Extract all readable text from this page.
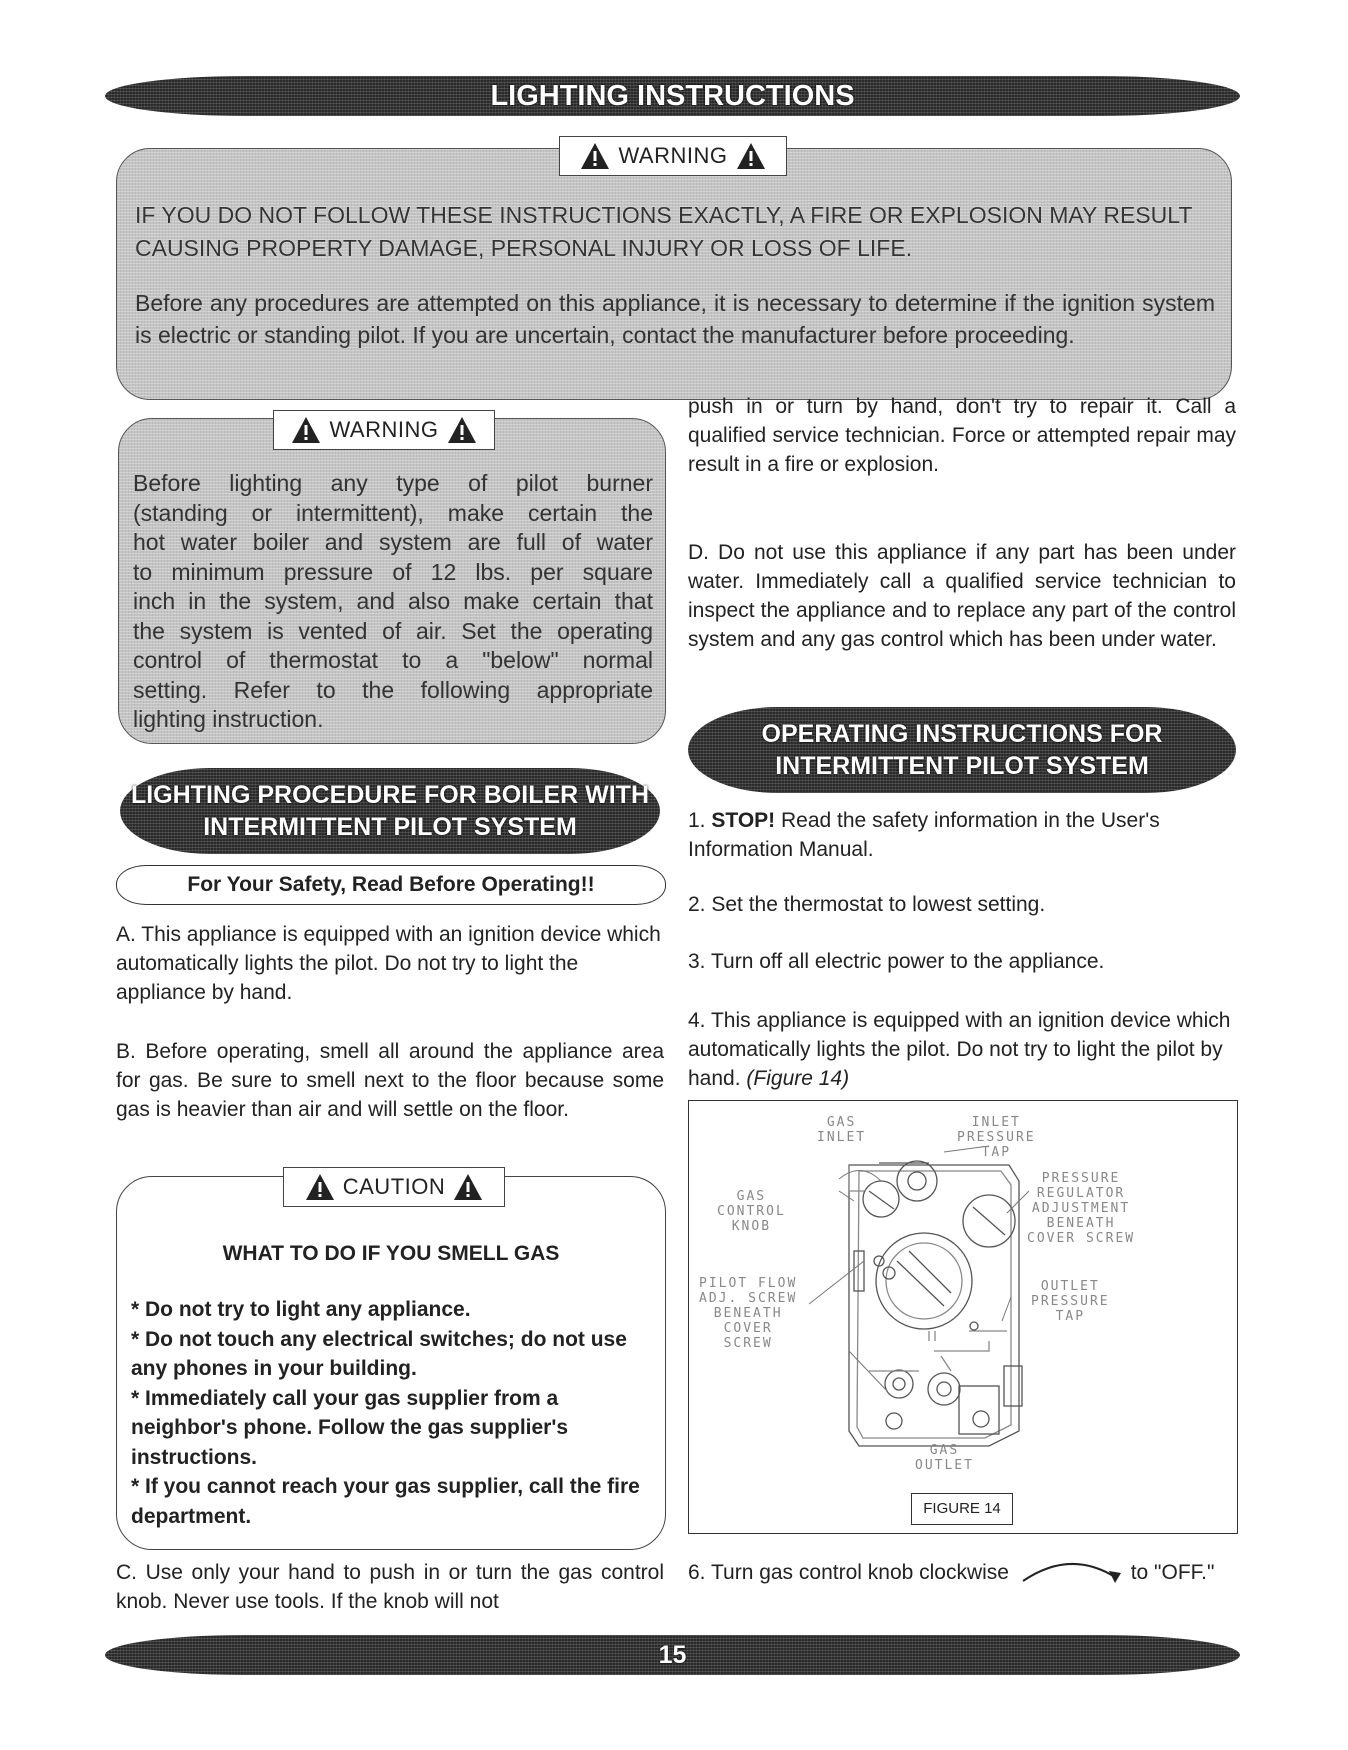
LIGHTING INSTRUCTIONS
WARNING
IF YOU DO NOT FOLLOW THESE INSTRUCTIONS EXACTLY, A FIRE OR EXPLOSION MAY RESULT CAUSING PROPERTY DAMAGE, PERSONAL INJURY OR LOSS OF LIFE.
Before any procedures are attempted on this appliance, it is necessary to determine if the ignition system is electric or standing pilot. If you are uncertain, contact the manufacturer before proceeding.
WARNING
Before lighting any type of pilot burner
(standing or intermittent), make certain the
hot water boiler and system are full of water
to minimum pressure of 12 lbs. per square
inch in the system, and also make certain that
the system is vented of air. Set the operating
control of thermostat to a "below" normal
setting. Refer to the following appropriate
lighting instruction.
LIGHTING PROCEDURE FOR BOILER WITH
INTERMITTENT PILOT SYSTEM
For Your Safety, Read Before Operating!!
A. This appliance is equipped with an ignition device which automatically lights the pilot. Do not try to light the appliance by hand.
B. Before operating, smell all around the appliance area for gas. Be sure to smell next to the floor because some gas is heavier than air and will settle on the floor.
CAUTION
WHAT TO DO IF YOU SMELL GAS
* Do not try to light any appliance.
* Do not touch any electrical switches; do not use any phones in your building.
* Immediately call your gas supplier from a neighbor's phone. Follow the gas supplier's instructions.
* If you cannot reach your gas supplier, call the fire department.
C. Use only your hand to push in or turn the gas control knob. Never use tools. If the knob will not
push in or turn by hand, don't try to repair it. Call a qualified service technician. Force or attempted repair may result in a fire or explosion.
D. Do not use this appliance if any part has been under water. Immediately call a qualified service technician to inspect the appliance and to replace any part of the control system and any gas control which has been under water.
OPERATING INSTRUCTIONS FOR
INTERMITTENT PILOT SYSTEM
1. STOP! Read the safety information in the User's Information Manual.
2. Set the thermostat to lowest setting.
3. Turn off all electric power to the appliance.
4. This appliance is equipped with an ignition device which automatically lights the pilot. Do not try to light the pilot by hand. (Figure 14)
GAS
INLET
INLET
PRESSURE
TAP
PRESSURE
REGULATOR
ADJUSTMENT
BENEATH
COVER SCREW
GAS
CONTROL
KNOB
PILOT FLOW
ADJ. SCREW
BENEATH
COVER
SCREW
OUTLET
PRESSURE
TAP
GAS
OUTLET
FIGURE 14
6. Turn gas control knob clockwise	to "OFF."
15
